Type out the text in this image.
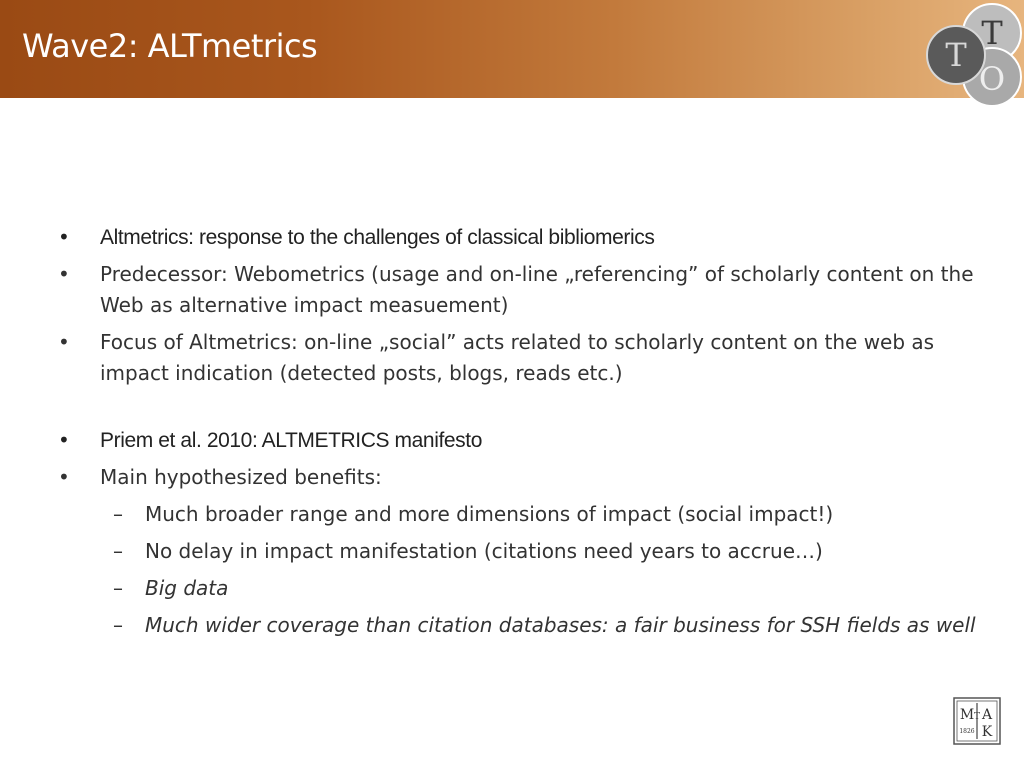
Wave2: ALTmetrics	T
T
O
•	Altmetrics: response to the challenges of classical bibliomerics
•	Predecessor: Webometrics (usage and on-line „referencing” of scholarly content on the Web as alternative impact measuement)
•	Focus of Altmetrics: on-line „social” acts related to scholarly content on the web as impact indication (detected posts, blogs, reads etc.)
•	Priem et al. 2010: ALTMETRICS manifesto
•	Main hypothesized benefits:
– Much broader range and more dimensions of impact (social impact!)
– No delay in impact manifestation (citations need years to accrue…)
– Big data
– Much wider coverage than citation databases: a fair business for SSH fields as well
M T A
1826 K
